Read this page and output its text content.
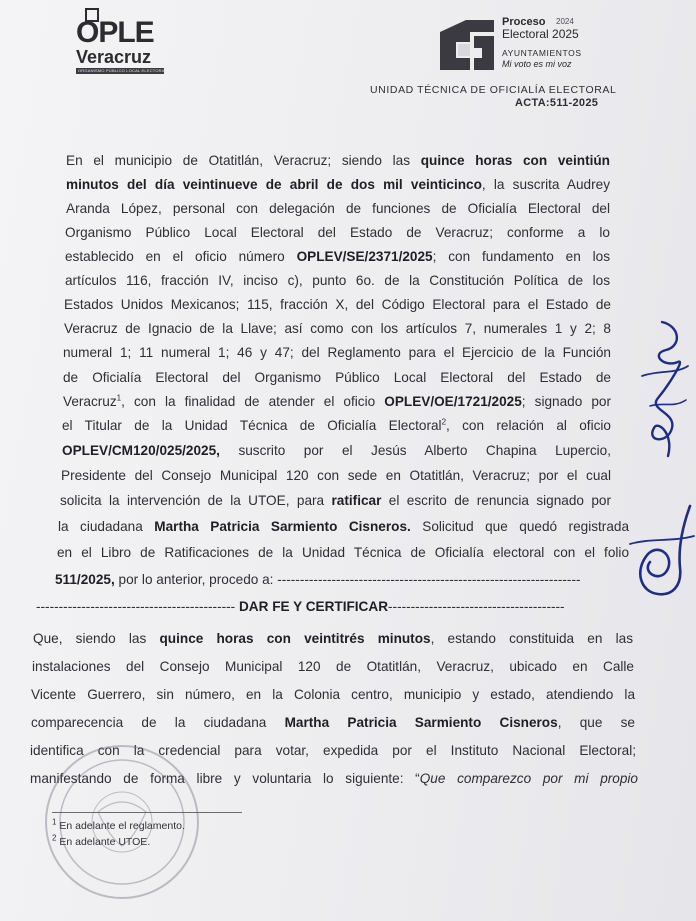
OPLE
Veracruz
ORGANISMO PÚBLICO LOCAL ELECTORAL
Proceso 2024
Electoral 2025
AYUNTAMIENTOS
Mi voto es mi voz
UNIDAD TÉCNICA DE OFICIALÍA ELECTORAL
ACTA:511-2025
En el municipio de Otatitlán, Veracruz; siendo las quince horas con veintiún
minutos del día veintinueve de abril de dos mil veinticinco, la suscrita Audrey
Aranda López, personal con delegación de funciones de Oficialía Electoral del
Organismo Público Local Electoral del Estado de Veracruz; conforme a lo
establecido en el oficio número OPLEV/SE/2371/2025; con fundamento en los
artículos 116, fracción IV, inciso c), punto 6o. de la Constitución Política de los
Estados Unidos Mexicanos; 115, fracción X, del Código Electoral para el Estado de
Veracruz de Ignacio de la Llave; así como con los artículos 7, numerales 1 y 2; 8
numeral 1; 11 numeral 1; 46 y 47; del Reglamento para el Ejercicio de la Función
de Oficialía Electoral del Organismo Público Local Electoral del Estado de
Veracruz$^1$, con la finalidad de atender el oficio OPLEV/OE/1721/2025; signado por
el Titular de la Unidad Técnica de Oficialía Electoral$^2$, con relación al oficio
OPLEV/CM120/025/2025, suscrito por el Jesús Alberto Chapina Lupercio,
Presidente del Consejo Municipal 120 con sede en Otatitlán, Veracruz; por el cual
solicita la intervención de la UTOE, para ratificar el escrito de renuncia signado por
la ciudadana Martha Patricia Sarmiento Cisneros. Solicitud que quedó registrada
en el Libro de Ratificaciones de la Unidad Técnica de Oficialía electoral con el folio
511/2025, por lo anterior, procedo a: -------------------------------------------------------------------
-------------------------------------------- DAR FE Y CERTIFICAR---------------------------------------
Que, siendo las quince horas con veintitrés minutos, estando constituida en las
instalaciones del Consejo Municipal 120 de Otatitlán, Veracruz, ubicado en Calle
Vicente Guerrero, sin número, en la Colonia centro, municipio y estado, atendiendo la
comparecencia de la ciudadana Martha Patricia Sarmiento Cisneros, que se
identifica con la credencial para votar, expedida por el Instituto Nacional Electoral;
manifestando de forma libre y voluntaria lo siguiente: “Que comparezco por mi propio
$^1$ En adelante el reglamento.
$^2$ En adelante UTOE.
